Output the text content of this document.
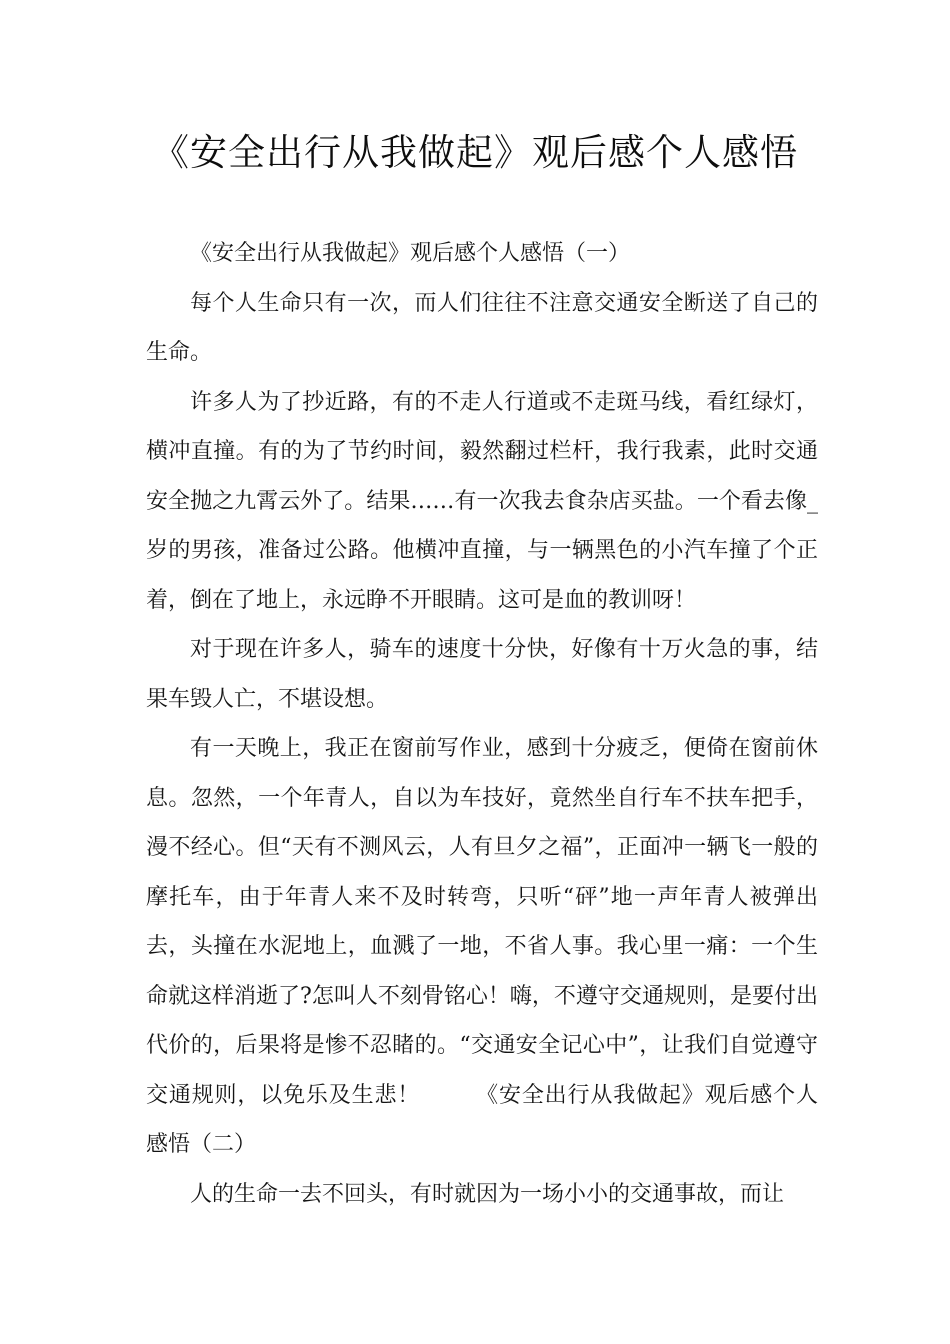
《安全出行从我做起》观后感个人感悟

《安全出行从我做起》观后感个人感悟（一）

每个人生命只有一次，而人们往往不注意交通安全断送了自己的生命。

许多人为了抄近路，有的不走人行道或不走斑马线，看红绿灯，横冲直撞。有的为了节约时间，毅然翻过栏杆，我行我素，此时交通安全抛之九霄云外了。结果……有一次我去食杂店买盐。一个看去像_岁的男孩，准备过公路。他横冲直撞，与一辆黑色的小汽车撞了个正着，倒在了地上，永远睁不开眼睛。这可是血的教训呀！

对于现在许多人，骑车的速度十分快，好像有十万火急的事，结果车毁人亡，不堪设想。

有一天晚上，我正在窗前写作业，感到十分疲乏，便倚在窗前休息。忽然，一个年青人，自以为车技好，竟然坐自行车不扶车把手，漫不经心。但“天有不测风云，人有旦夕之福”，正面冲一辆飞一般的摩托车，由于年青人来不及时转弯，只听“砰”地一声年青人被弹出去，头撞在水泥地上，血溅了一地，不省人事。我心里一痛：一个生命就这样消逝了?怎叫人不刻骨铭心！嗨，不遵守交通规则，是要付出代价的，后果将是惨不忍睹的。“交通安全记心中”，让我们自觉遵守交通规则，以免乐及生悲！	《安全出行从我做起》观后感个人感悟（二）

人的生命一去不回头，有时就因为一场小小的交通事故，而让
